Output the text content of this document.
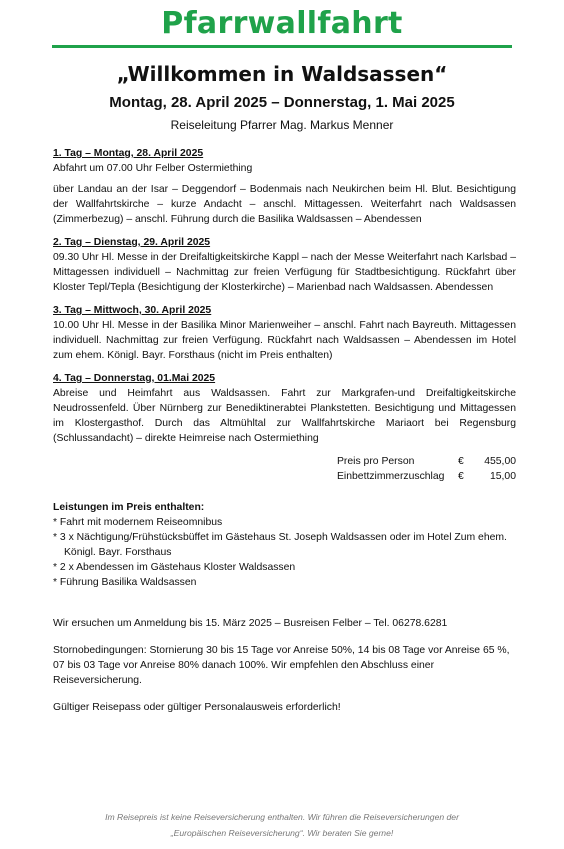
Pfarrwallfahrt
„Willkommen in Waldsassen“
Montag, 28. April 2025 – Donnerstag, 1. Mai 2025
Reiseleitung Pfarrer Mag. Markus Menner
1. Tag – Montag, 28. April 2025
Abfahrt um 07.00 Uhr Felber Ostermiething
über Landau an der Isar – Deggendorf – Bodenmais nach Neukirchen beim Hl. Blut. Besichtigung der Wallfahrtskirche – kurze Andacht – anschl. Mittagessen. Weiterfahrt nach Waldsassen (Zimmerbezug) – anschl. Führung durch die Basilika Waldsassen – Abendessen
2. Tag – Dienstag, 29. April 2025
09.30 Uhr Hl. Messe in der Dreifaltigkeitskirche Kappl – nach der Messe Weiterfahrt nach Karlsbad – Mittagessen individuell – Nachmittag zur freien Verfügung für Stadtbesichtigung. Rückfahrt über Kloster Tepl/Tepla (Besichtigung der Klosterkirche) – Marienbad nach Waldsassen. Abendessen
3. Tag – Mittwoch, 30. April 2025
10.00 Uhr Hl. Messe in der Basilika Minor Marienweiher – anschl. Fahrt nach Bayreuth. Mittagessen individuell. Nachmittag zur freien Verfügung. Rückfahrt nach Waldsassen – Abendessen im Hotel zum ehem. Königl. Bayr. Forsthaus (nicht im Preis enthalten)
4. Tag – Donnerstag, 01.Mai 2025
Abreise und Heimfahrt aus Waldsassen. Fahrt zur Markgrafen-und Dreifaltigkeitskirche Neudrossenfeld. Über Nürnberg zur Benediktinerabtei Plankstetten. Besichtigung und Mittagessen im Klostergasthof. Durch das Altmühltal zur Wallfahrtskirche Mariaort bei Regensburg (Schlussandacht) – direkte Heimreise nach Ostermiething
Preis pro Person	€	455,00
Einbettzimmerzuschlag	€	15,00
Leistungen im Preis enthalten:
* Fahrt mit modernem Reiseomnibus
* 3 x Nächtigung/Frühstücksbüffet im Gästehaus St. Joseph Waldsassen oder im Hotel Zum ehem. Königl. Bayr. Forsthaus
* 2 x Abendessen im Gästehaus Kloster Waldsassen
* Führung Basilika Waldsassen
Wir ersuchen um Anmeldung bis 15. März 2025 – Busreisen Felber – Tel. 06278.6281
Stornobedingungen: Stornierung 30 bis 15 Tage vor Anreise 50%, 14 bis 08 Tage vor Anreise 65 %, 07 bis 03 Tage vor Anreise 80% danach 100%. Wir empfehlen den Abschluss einer Reiseversicherung.
Gültiger Reisepass oder gültiger Personalausweis erforderlich!
Im Reisepreis ist keine Reiseversicherung enthalten. Wir führen die Reiseversicherungen der
„Europäischen Reiseversicherung“. Wir beraten Sie gerne!
